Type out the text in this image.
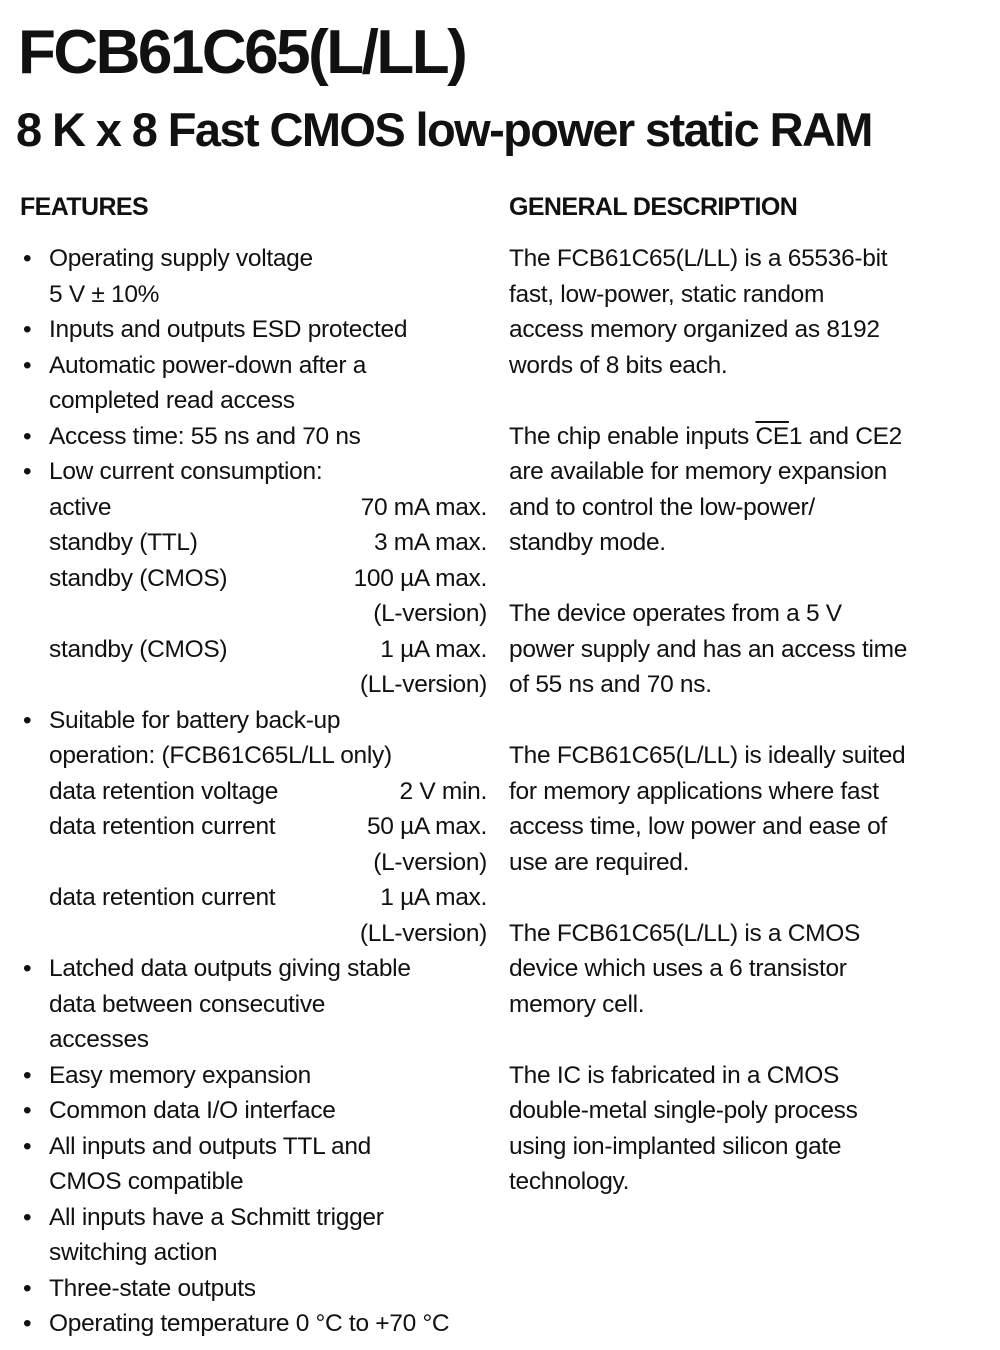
FCB61C65(L/LL)
8 K x 8 Fast CMOS low-power static RAM
FEATURES	GENERAL DESCRIPTION
• Operating supply voltage
5 V ± 10%
• Inputs and outputs ESD protected
• Automatic power-down after a
completed read access
• Access time: 55 ns and 70 ns
• Low current consumption:
active	70 mA max.
standby (TTL)	3 mA max.
standby (CMOS)	100 µA max.
(L-version)
standby (CMOS)	1 µA max.
(LL-version)
• Suitable for battery back-up
operation: (FCB61C65L/LL only)
data retention voltage	2 V min.
data retention current	50 µA max.
(L-version)
data retention current	1 µA max.
(LL-version)
• Latched data outputs giving stable
data between consecutive
accesses
• Easy memory expansion
• Common data I/O interface
• All inputs and outputs TTL and
CMOS compatible
• All inputs have a Schmitt trigger
switching action
• Three-state outputs
• Operating temperature 0 °C to +70 °C

The FCB61C65(L/LL) is a 65536-bit
fast, low-power, static random
access memory organized as 8192
words of 8 bits each.

The chip enable inputs $\overline{CE}1$ and CE2
are available for memory expansion
and to control the low-power/
standby mode.

The device operates from a 5 V
power supply and has an access time
of 55 ns and 70 ns.

The FCB61C65(L/LL) is ideally suited
for memory applications where fast
access time, low power and ease of
use are required.

The FCB61C65(L/LL) is a CMOS
device which uses a 6 transistor
memory cell.

The IC is fabricated in a CMOS
double-metal single-poly process
using ion-implanted silicon gate
technology.
